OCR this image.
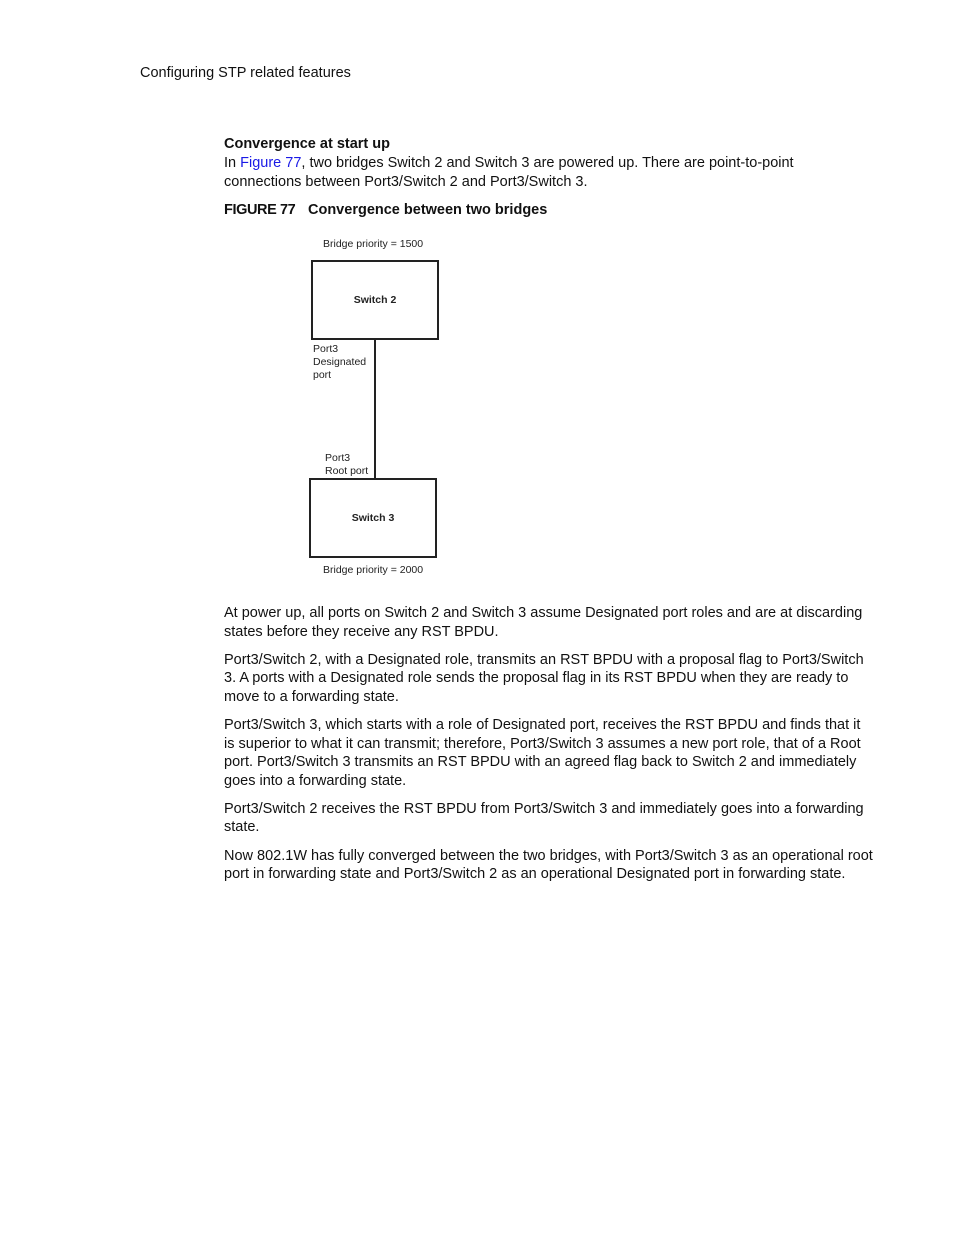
Configuring STP related features
Convergence at start up

In Figure 77, two bridges Switch 2 and Switch 3 are powered up. There are point-to-point connections between Port3/Switch 2 and Port3/Switch 3.

FIGURE 77 Convergence between two bridges
Bridge priority = 1500
Switch 2
Port3
Designated
port
Port3
Root port
Switch 3
Bridge priority = 2000

At power up, all ports on Switch 2 and Switch 3 assume Designated port roles and are at discarding states before they receive any RST BPDU.

Port3/Switch 2, with a Designated role, transmits an RST BPDU with a proposal flag to Port3/Switch 3. A ports with a Designated role sends the proposal flag in its RST BPDU when they are ready to move to a forwarding state.

Port3/Switch 3, which starts with a role of Designated port, receives the RST BPDU and finds that it is superior to what it can transmit; therefore, Port3/Switch 3 assumes a new port role, that of a Root port. Port3/Switch 3 transmits an RST BPDU with an agreed flag back to Switch 2 and immediately goes into a forwarding state.

Port3/Switch 2 receives the RST BPDU from Port3/Switch 3 and immediately goes into a forwarding state.

Now 802.1W has fully converged between the two bridges, with Port3/Switch 3 as an operational root port in forwarding state and Port3/Switch 2 as an operational Designated port in forwarding state.
